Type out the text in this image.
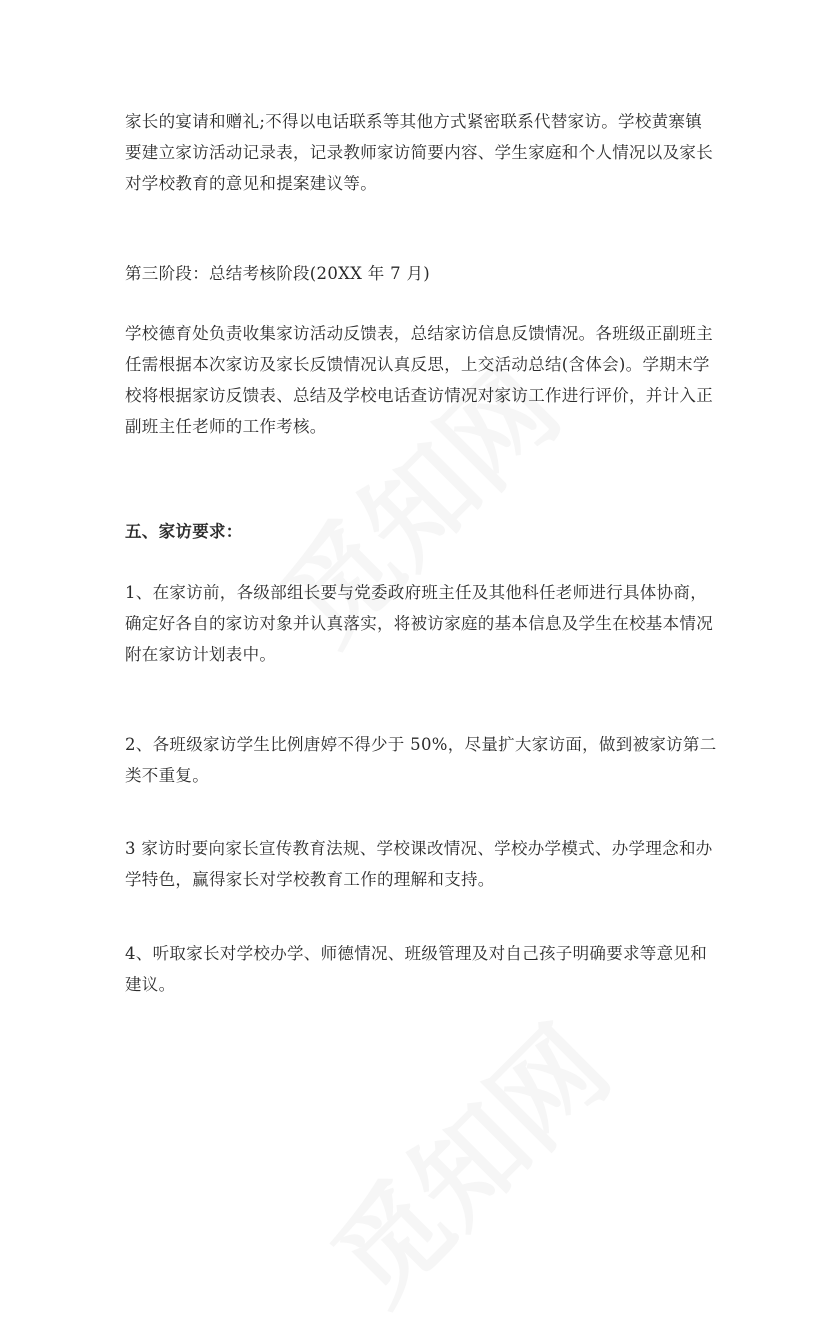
家长的宴请和赠礼;不得以电话联系等其他方式紧密联系代替家访。学校黄寨镇
要建立家访活动记录表，记录教师家访简要内容、学生家庭和个人情况以及家长
对学校教育的意见和提案建议等。

第三阶段：总结考核阶段(20XX 年 7 月)

学校德育处负责收集家访活动反馈表，总结家访信息反馈情况。各班级正副班主
任需根据本次家访及家长反馈情况认真反思，上交活动总结(含体会)。学期末学
校将根据家访反馈表、总结及学校电话查访情况对家访工作进行评价，并计入正
副班主任老师的工作考核。

五、家访要求：

1、在家访前，各级部组长要与党委政府班主任及其他科任老师进行具体协商，
确定好各自的家访对象并认真落实，将被访家庭的基本信息及学生在校基本情况
附在家访计划表中。

2、各班级家访学生比例唐婷不得少于 50%，尽量扩大家访面，做到被家访第二
类不重复。

3 家访时要向家长宣传教育法规、学校课改情况、学校办学模式、办学理念和办
学特色，赢得家长对学校教育工作的理解和支持。

4、听取家长对学校办学、师德情况、班级管理及对自己孩子明确要求等意见和
建议。
